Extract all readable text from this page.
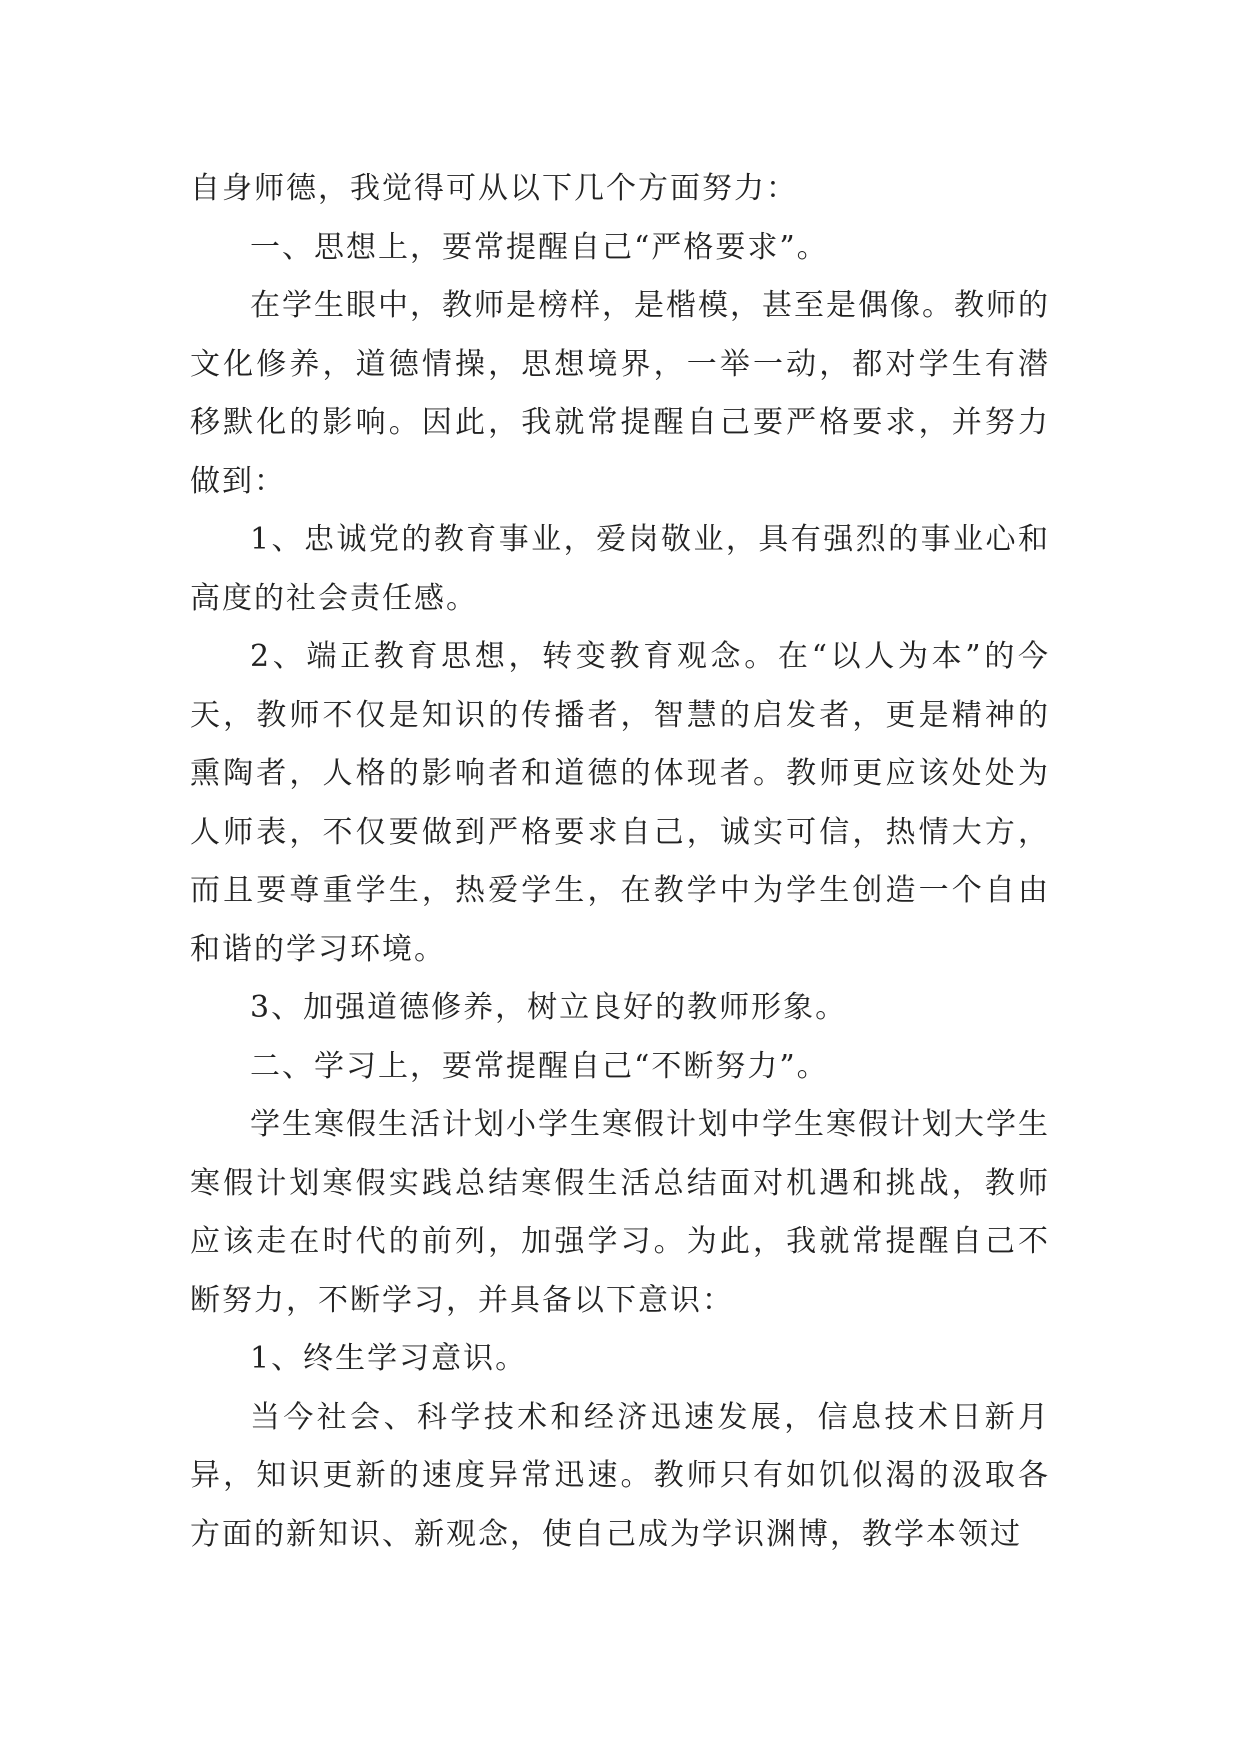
自身师德，我觉得可从以下几个方面努力：

一、思想上，要常提醒自己“严格要求”。

在学生眼中，教师是榜样，是楷模，甚至是偶像。教师的文化修养，道德情操，思想境界，一举一动，都对学生有潜移默化的影响。因此，我就常提醒自己要严格要求，并努力做到：

1、忠诚党的教育事业，爱岗敬业，具有强烈的事业心和高度的社会责任感。

2、端正教育思想，转变教育观念。在“以人为本”的今天，教师不仅是知识的传播者，智慧的启发者，更是精神的熏陶者，人格的影响者和道德的体现者。教师更应该处处为人师表，不仅要做到严格要求自己，诚实可信，热情大方，而且要尊重学生，热爱学生，在教学中为学生创造一个自由和谐的学习环境。

3、加强道德修养，树立良好的教师形象。

二、学习上，要常提醒自己“不断努力”。

学生寒假生活计划小学生寒假计划中学生寒假计划大学生寒假计划寒假实践总结寒假生活总结面对机遇和挑战，教师应该走在时代的前列，加强学习。为此，我就常提醒自己不断努力，不断学习，并具备以下意识：

1、终生学习意识。

当今社会、科学技术和经济迅速发展，信息技术日新月异，知识更新的速度异常迅速。教师只有如饥似渴的汲取各方面的新知识、新观念，使自己成为学识渊博，教学本领过
